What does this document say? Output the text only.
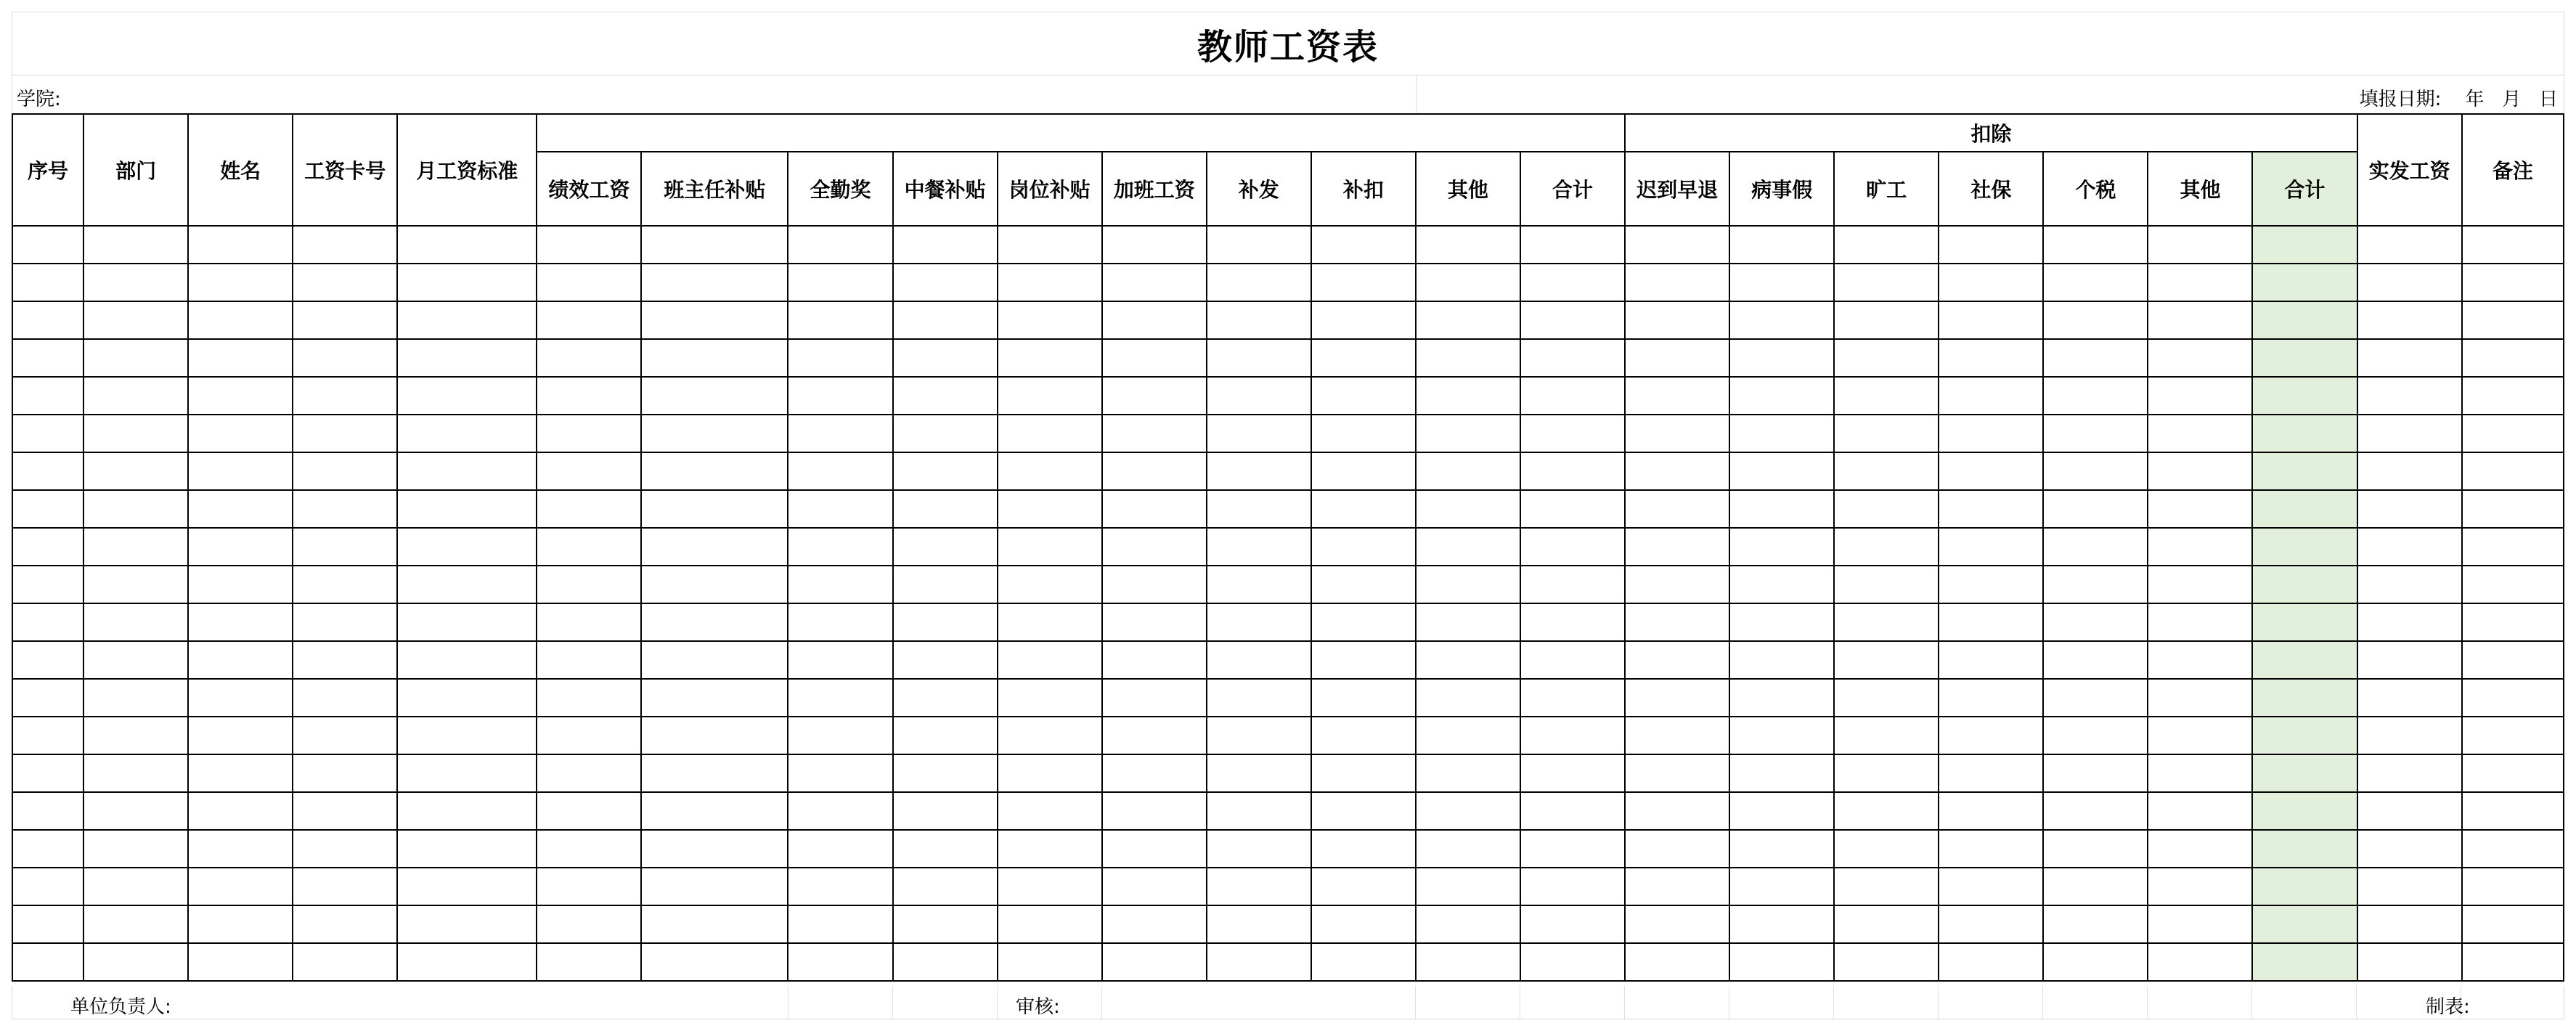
教师工资表
学院:	填报日期:    年   月   日
序号	部门	姓名	工资卡号	月工资标准											扣除							实发工资	备注
					绩效工资	班主任补贴	全勤奖	中餐补贴	岗位补贴	加班工资	补发	补扣	其他	合计	迟到早退	病事假	旷工	社保	个税	其他	合计		

单位负责人:	审核:	制表:
